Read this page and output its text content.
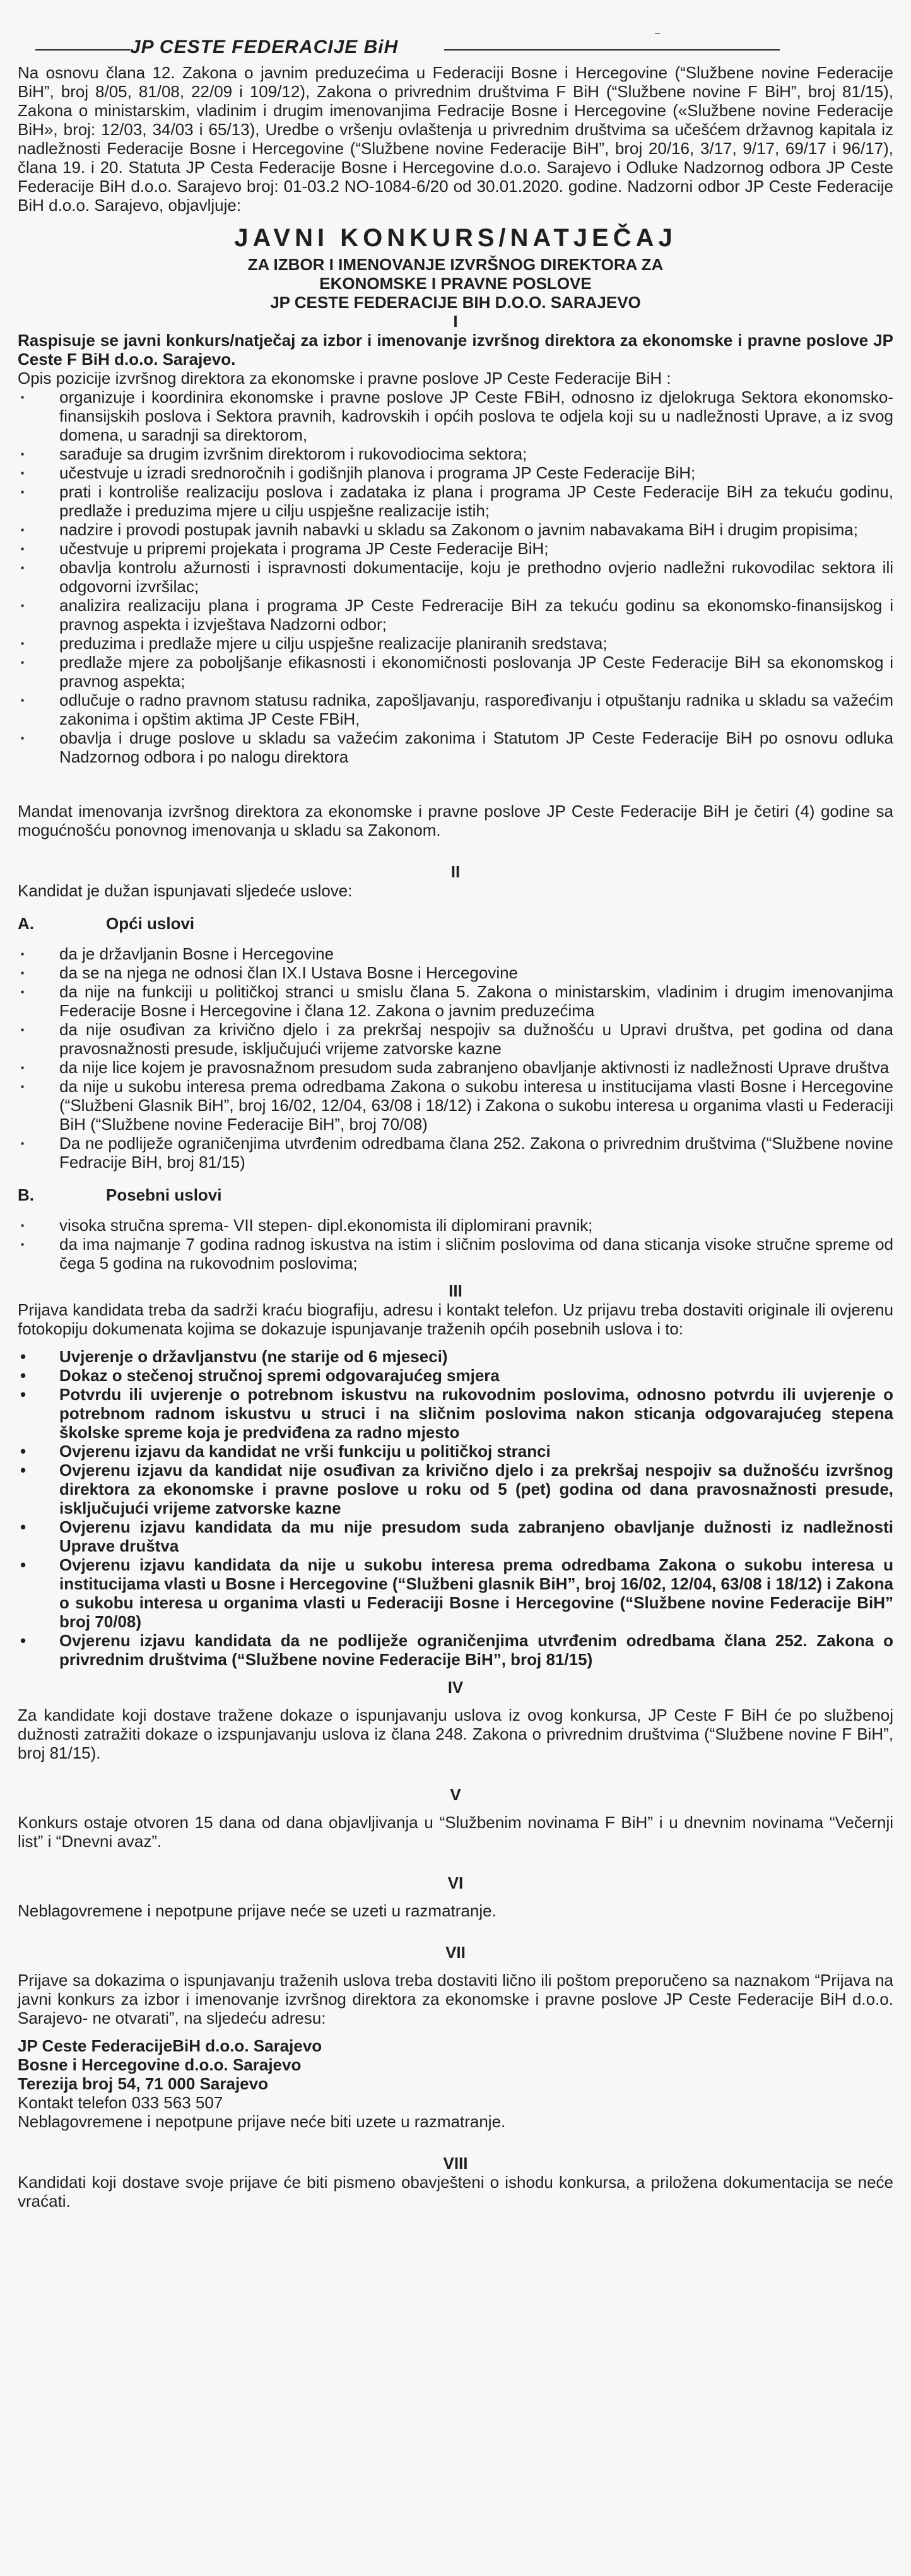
JP CESTE FEDERACIJE BiH

Na osnovu člana 12. Zakona o javnim preduzećima u Federaciji Bosne i Hercegovine (“Službene novine Federacije BiH”, broj 8/05, 81/08, 22/09 i 109/12), Zakona o privrednim društvima F BiH (“Službene novine F BiH”, broj 81/15), Zakona o ministarskim, vladinim i drugim imenovanjima Fedracije Bosne i Hercegovine («Službene novine Federacije BiH», broj: 12/03, 34/03 i 65/13), Uredbe o vršenju ovlaštenja u privrednim društvima sa učešćem državnog kapitala iz nadležnosti Federacije Bosne i Hercegovine (“Službene novine Federacije BiH”, broj 20/16, 3/17, 9/17, 69/17 i 96/17), člana 19. i 20. Statuta JP Cesta Federacije Bosne i Hercegovine d.o.o. Sarajevo i Odluke Nadzornog odbora JP Ceste Federacije BiH d.o.o. Sarajevo broj: 01-03.2 NO-1084-6/20 od 30.01.2020. godine. Nadzorni odbor JP Ceste Federacije BiH d.o.o. Sarajevo, objavljuje:

JAVNI KONKURS/NATJEČAJ
ZA IZBOR I IMENOVANJE IZVRŠNOG DIREKTORA ZA
EKONOMSKE I PRAVNE POSLOVE
JP CESTE FEDERACIJE BIH D.O.O. SARAJEVO
I

Raspisuje se javni konkurs/natječaj za izbor i imenovanje izvršnog direktora za ekonomske i pravne poslove JP Ceste F BiH d.o.o. Sarajevo.

Opis pozicije izvršnog direktora za ekonomske i pravne poslove JP Ceste Federacije BiH :

· organizuje i koordinira ekonomske i pravne poslove JP Ceste FBiH, odnosno iz djelokruga Sektora ekonomsko-finansijskih poslova i Sektora pravnih, kadrovskih i općih poslova te odjela koji su u nadležnosti Uprave, a iz svog domena, u saradnji sa direktorom,
· sarađuje sa drugim izvršnim direktorom i rukovodiocima sektora;
· učestvuje u izradi srednoročnih i godišnjih planova i programa JP Ceste Federacije BiH;
· prati i kontroliše realizaciju poslova i zadataka iz plana i programa JP Ceste Federacije BiH za tekuću godinu, predlaže i preduzima mjere u cilju uspješne realizacije istih;
· nadzire i provodi postupak javnih nabavki u skladu sa Zakonom o javnim nabavakama BiH i drugim propisima;
· učestvuje u pripremi projekata i programa JP Ceste Federacije BiH;
· obavlja kontrolu ažurnosti i ispravnosti dokumentacije, koju je prethodno ovjerio nadležni rukovodilac sektora ili odgovorni izvršilac;
· analizira realizaciju plana i programa JP Ceste Fedreracije BiH za tekuću godinu sa ekonomsko-finansijskog i pravnog aspekta i izvještava Nadzorni odbor;
· preduzima i predlaže mjere u cilju uspješne realizacije planiranih sredstava;
· predlaže mjere za poboljšanje efikasnosti i ekonomičnosti poslovanja JP Ceste Federacije BiH sa ekonomskog i pravnog aspekta;
· odlučuje o radno pravnom statusu radnika, zapošljavanju, raspoređivanju i otpuštanju radnika u skladu sa važećim zakonima i opštim aktima JP Ceste FBiH,
· obavlja i druge poslove u skladu sa važećim zakonima i Statutom JP Ceste Federacije BiH po osnovu odluka Nadzornog odbora i po nalogu direktora

Mandat imenovanja izvršnog direktora za ekonomske i pravne poslove JP Ceste Federacije BiH je četiri (4) godine sa mogućnošću ponovnog imenovanja u skladu sa Zakonom.

II

Kandidat je dužan ispunjavati sljedeće uslove:

A.	Opći uslovi
· da je državljanin Bosne i Hercegovine
· da se na njega ne odnosi član IX.I Ustava Bosne i Hercegovine
· da nije na funkciji u političkoj stranci u smislu člana 5. Zakona o ministarskim, vladinim i drugim imenovanjima Federacije Bosne i Hercegovine i člana 12. Zakona o javnim preduzećima
· da nije osuđivan za krivično djelo i za prekršaj nespojiv sa dužnošću u Upravi društva, pet godina od dana pravosnažnosti presude, isključujući vrijeme zatvorske kazne
· da nije lice kojem je pravosnažnom presudom suda zabranjeno obavljanje aktivnosti iz nadležnosti Uprave društva
· da nije u sukobu interesa prema odredbama Zakona o sukobu interesa u institucijama vlasti Bosne i Hercegovine (“Službeni Glasnik BiH”, broj 16/02, 12/04, 63/08 i 18/12) i Zakona o sukobu interesa u organima vlasti u Federaciji BiH (“Službene novine Federacije BiH”, broj 70/08)
· Da ne podliježe ograničenjima utvrđenim odredbama člana 252. Zakona o privrednim društvima (“Službene novine Fedracije BiH, broj 81/15)
B.	Posebni uslovi
· visoka stručna sprema- VII stepen- dipl.ekonomista ili diplomirani pravnik;
· da ima najmanje 7 godina radnog iskustva na istim i sličnim poslovima od dana sticanja visoke stručne spreme od čega 5 godina na rukovodnim poslovima;
III

Prijava kandidata treba da sadrži kraću biografiju, adresu i kontakt telefon. Uz prijavu treba dostaviti originale ili ovjerenu fotokopiju dokumenata kojima se dokazuje ispunjavanje traženih općih posebnih uslova i to:

• Uvjerenje o državljanstvu (ne starije od 6 mjeseci)
• Dokaz o stečenoj stručnoj spremi odgovarajućeg smjera
• Potvrdu ili uvjerenje o potrebnom iskustvu na rukovodnim poslovima, odnosno potvrdu ili uvjerenje o potrebnom radnom iskustvu u struci i na sličnim poslovima nakon sticanja odgovarajućeg stepena školske spreme koja je predviđena za radno mjesto
• Ovjerenu izjavu da kandidat ne vrši funkciju u političkoj stranci
• Ovjerenu izjavu da kandidat nije osuđivan za krivično djelo i za prekršaj nespojiv sa dužnošću izvršnog direktora za ekonomske i pravne poslove u roku od 5 (pet) godina od dana pravosnažnosti presude, isključujući vrijeme zatvorske kazne
• Ovjerenu izjavu kandidata da mu nije presudom suda zabranjeno obavljanje dužnosti iz nadležnosti Uprave društva
• Ovjerenu izjavu kandidata da nije u sukobu interesa prema odredbama Zakona o sukobu interesa u institucijama vlasti u Bosne i Hercegovine (“Službeni glasnik BiH”, broj 16/02, 12/04, 63/08 i 18/12) i Zakona o sukobu interesa u organima vlasti u Federaciji Bosne i Hercegovine (“Službene novine Federacije BiH” broj 70/08)
• Ovjerenu izjavu kandidata da ne podliježe ograničenjima utvrđenim odredbama člana 252. Zakona o privrednim društvima (“Službene novine Federacije BiH”, broj 81/15)
IV

Za kandidate koji dostave tražene dokaze o ispunjavanju uslova iz ovog konkursa, JP Ceste F BiH će po službenoj dužnosti zatražiti dokaze o izspunjavanju uslova iz člana 248. Zakona o privrednim društvima (“Službene novine F BiH”, broj 81/15).

V

Konkurs ostaje otvoren 15 dana od dana objavljivanja u “Službenim novinama F BiH” i u dnevnim novinama “Večernji list” i “Dnevni avaz”.

VI

Neblagovremene i nepotpune prijave neće se uzeti u razmatranje.

VII

Prijave sa dokazima o ispunjavanju traženih uslova treba dostaviti lično ili poštom preporučeno sa naznakom “Prijava na javni konkurs za izbor i imenovanje izvršnog direktora za ekonomske i pravne poslove JP Ceste Federacije BiH d.o.o. Sarajevo- ne otvarati”, na sljedeću adresu:

JP Ceste FederacijeBiH d.o.o. Sarajevo

Bosne i Hercegovine d.o.o. Sarajevo

Terezija broj 54, 71 000 Sarajevo

Kontakt telefon 033 563 507

Neblagovremene i nepotpune prijave neće biti uzete u razmatranje.

VIII

Kandidati koji dostave svoje prijave će biti pismeno obavješteni o ishodu konkursa, a priložena dokumentacija se neće vraćati.
